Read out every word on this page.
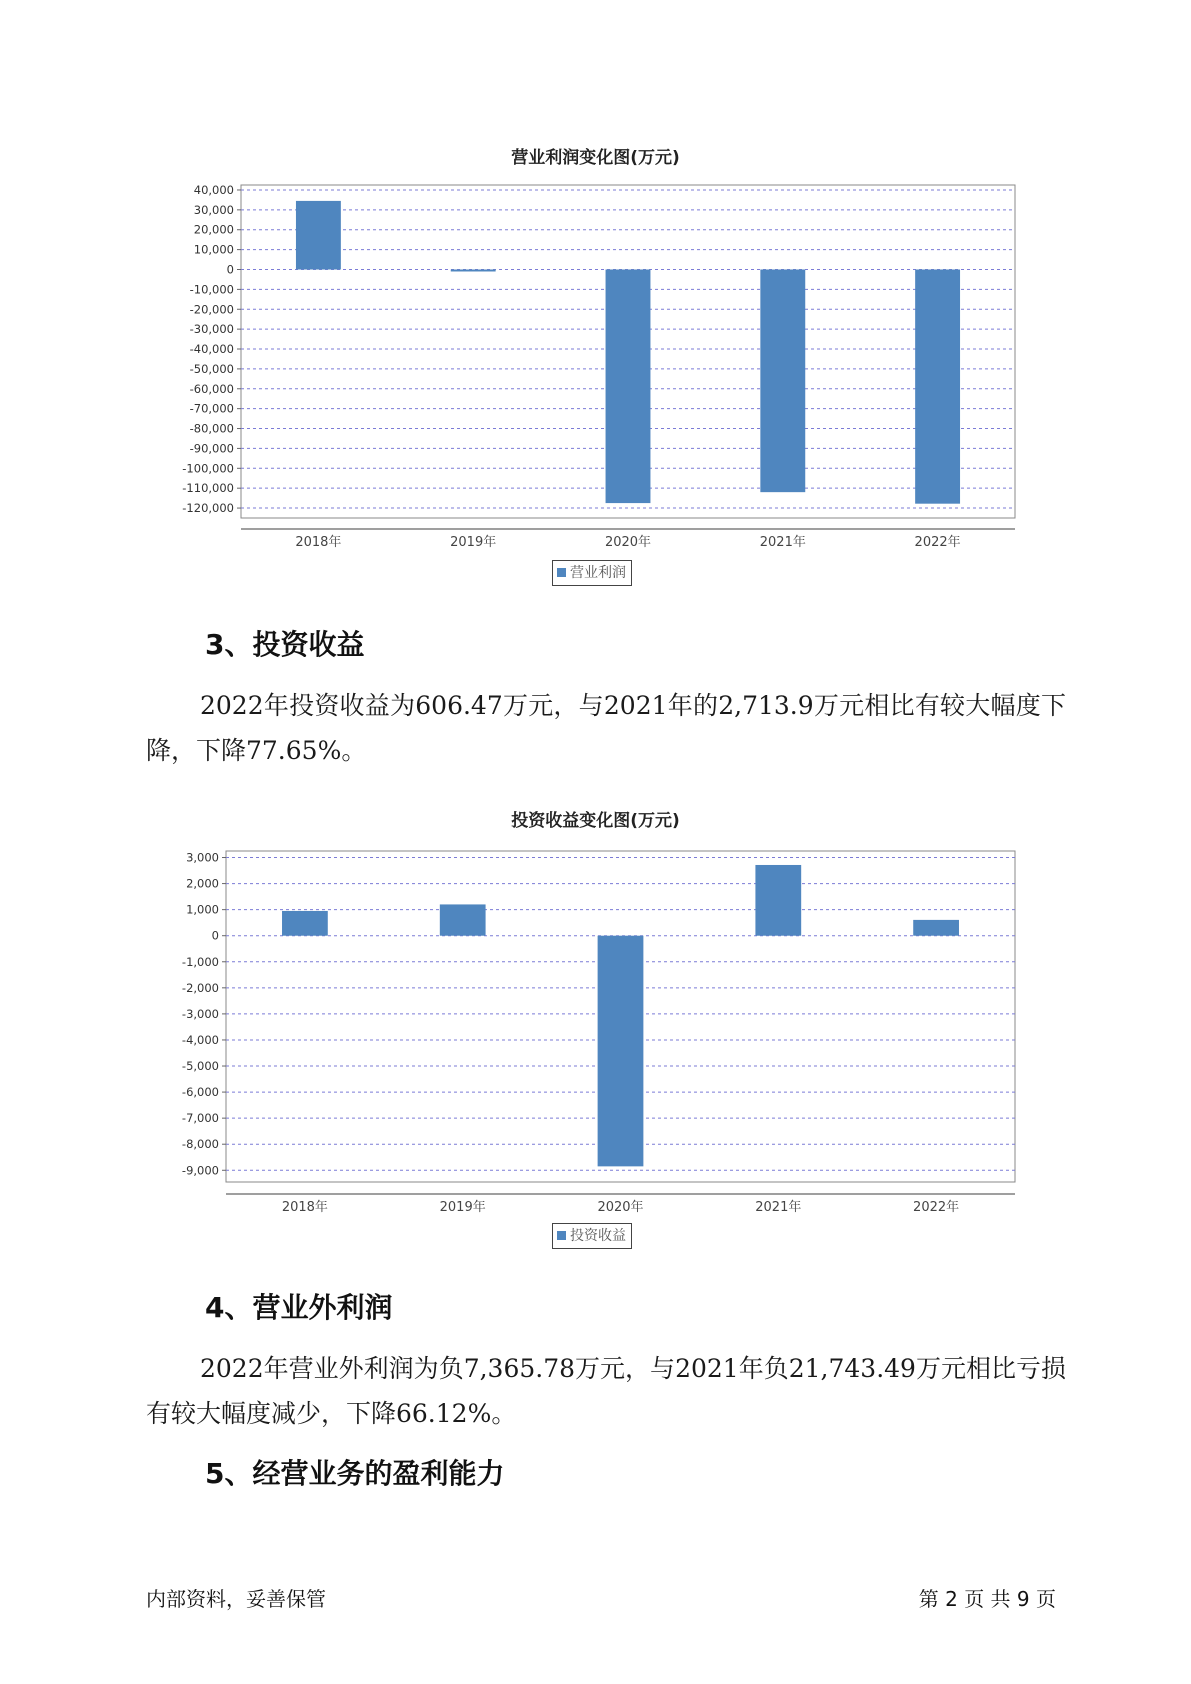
营业利润变化图(万元)
40,000
30,000
20,000
10,000
0
-10,000
-20,000
-30,000
-40,000
-50,000
-60,000
-70,000
-80,000
-90,000
-100,000
-110,000
-120,000
2018年	2019年	2020年	2021年	2022年
营业利润
3、投资收益
2022年投资收益为606.47万元，与2021年的2,713.9万元相比有较大幅度下降，下降77.65%。
投资收益变化图(万元)
3,000
2,000
1,000
0
-1,000
-2,000
-3,000
-4,000
-5,000
-6,000
-7,000
-8,000
-9,000
2018年	2019年	2020年	2021年	2022年
投资收益
4、营业外利润
2022年营业外利润为负7,365.78万元，与2021年负21,743.49万元相比亏损有较大幅度减少，下降66.12%。
5、经营业务的盈利能力
内部资料，妥善保管	第 2 页 共 9 页
